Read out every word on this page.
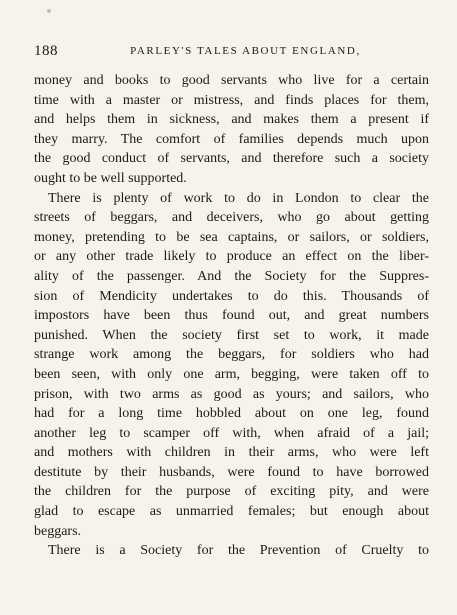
188	PARLEY'S TALES ABOUT ENGLAND,
money and books to good servants who live for a certain
time with a master or mistress, and finds places for them,
and helps them in sickness, and makes them a present if
they marry. The comfort of families depends much upon
the good conduct of servants, and therefore such a society
ought to be well supported.
There is plenty of work to do in London to clear the
streets of beggars, and deceivers, who go about getting
money, pretending to be sea captains, or sailors, or soldiers,
or any other trade likely to produce an effect on the liber-
ality of the passenger. And the Society for the Suppres-
sion of Mendicity undertakes to do this. Thousands of
impostors have been thus found out, and great numbers
punished. When the society first set to work, it made
strange work among the beggars, for soldiers who had
been seen, with only one arm, begging, were taken off to
prison, with two arms as good as yours; and sailors, who
had for a long time hobbled about on one leg, found
another leg to scamper off with, when afraid of a jail;
and mothers with children in their arms, who were left
destitute by their husbands, were found to have borrowed
the children for the purpose of exciting pity, and were
glad to escape as unmarried females; but enough about
beggars.
There is a Society for the Prevention of Cruelty to
